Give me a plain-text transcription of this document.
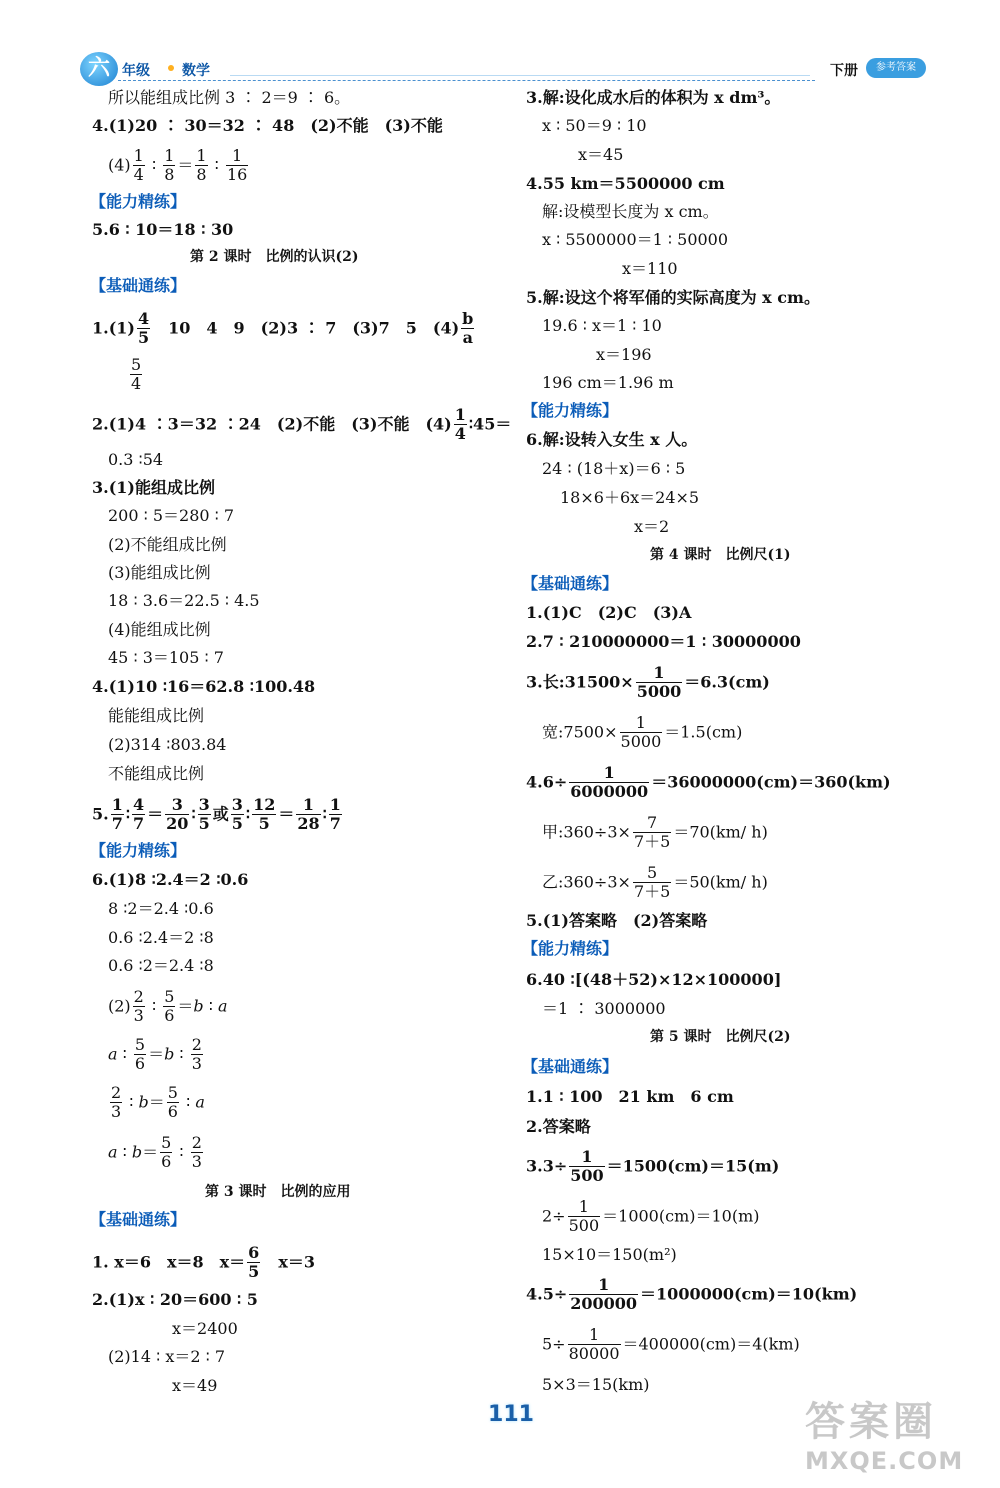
六 年级 数学	下册	参考答案
所以能组成比例 3 ∶ 2＝9 ∶ 6。
4.(1)20 ∶ 30＝32 ∶ 48　(2)不能　(3)不能
$(4) \frac{1}{4}$ ∶ $\frac{1}{8} = \frac{1}{8}$ ∶ $\frac{1}{16}$
【能力精练】
5.6 ∶ 10＝18 ∶ 30
第 2 课时　比例的认识(2)
【基础通练】
$1.(1) \frac{4}{5}$
　 10　4　9　(2)3 ∶ 7　(3)7　5　$(4) \frac{b}{a}$
$\frac{5}{4}$
2.(1)4 ∶3＝32 ∶24　(2)不能　(3)不能　$(4) \frac{1}{4}$ ∶45＝
0.3 ∶54
3.(1)能组成比例
200 ∶ 5＝280 ∶ 7
(2)不能组成比例
(3)能组成比例
18 ∶ 3.6＝22.5 ∶ 4.5
(4)能组成比例
45 ∶ 3＝105 ∶ 7
4.(1)10 ∶16＝62.8 ∶100.48
能能组成比例
(2)314 ∶803.84
不能组成比例
5. $\frac{1}{7}$ ∶ $\frac{4}{7} = \frac{3}{20}$ ∶ $\frac{3}{5}$ 或 $\frac{3}{5}$ ∶ $\frac{12}{5} = \frac{1}{28}$ ∶ $\frac{1}{7}$
【能力精练】
6.(1)8 ∶2.4＝2 ∶0.6
8 ∶2＝2.4 ∶0.6
0.6 ∶2.4＝2 ∶8
0.6 ∶2＝2.4 ∶8
$(2) \frac{2}{3}$ ∶ $\frac{5}{6} =b$ ∶ a
a ∶ $\frac{5}{6} =b$ ∶ $\frac{2}{3}$
$\frac{2}{3}$ ∶ $b= \frac{5}{6}$ ∶ a
a ∶ $b= \frac{5}{6}$ ∶ $\frac{2}{3}$
第 3 课时　比例的应用
【基础通练】
1. x＝6　x＝8　$x= \frac{6}{5}$
　 x＝3
2.(1)x ∶ 20＝600 ∶ 5
x＝2400
(2)14 ∶ x＝2 ∶ 7
x＝49
3.解:设化成水后的体积为 x dm³。
x ∶ 50＝9 ∶ 10
x＝45
4.55 km＝5500000 cm
解:设模型长度为 x cm。
x ∶ 5500000＝1 ∶ 50000
x＝110
5.解:设这个将军俑的实际高度为 x cm。
19.6 ∶ x＝1 ∶ 10
x＝196
196 cm＝1.96 m
【能力精练】
6.解:设转入女生 x 人。
24 ∶ (18＋x)＝6 ∶ 5
18×6＋6x＝24×5
x＝2
第 4 课时　比例尺(1)
【基础通练】
1.(1)C　(2)C　(3)A
2.7 ∶ 210000000＝1 ∶ 30000000
3.长:31500× $\frac{1}{5000} =6.3(cm)$
宽:7500× $\frac{1}{5000} =1.5(cm)$
$4.6\div \frac{1}{6000000} =36000000(cm)=360(km)$
甲:360÷3× $\frac{7}{7+5} =70(km/$ h)
乙:360÷3× $\frac{5}{7+5} =50(km/$ h)
5.(1)答案略　(2)答案略
【能力精练】
6.40 ∶[(48＋52)×12×100000]
＝1 ∶ 3000000
第 5 课时　比例尺(2)
【基础通练】
1.1 ∶ 100　21 km　6 cm
2.答案略
$3.3\div \frac{1}{500} =1500(cm)=15(m)$
$2\div \frac{1}{500} =1000(cm)=10(m)$
15×10＝150(m²)
$4.5\div \frac{1}{200000} =1000000(cm)=10(km)$
$5\div \frac{1}{80000} =400000(cm)=4(km)$
5×3＝15(km)
111	答案圈
MXQE.COM
